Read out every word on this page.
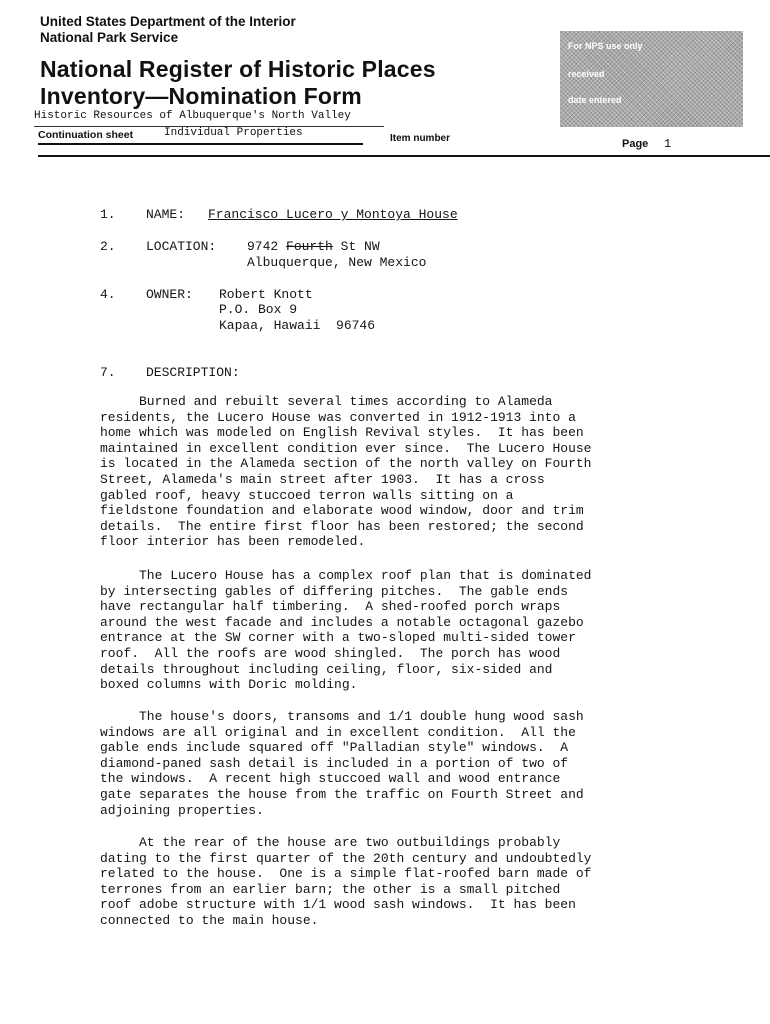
United States Department of the Interior
National Park Service
National Register of Historic Places
Inventory—Nomination Form
Historic Resources of Albuquerque's North Valley
Continuation sheet	Individual Properties	Item number	Page 1
For NPS use only
received
date entered
1. NAME: Francisco Lucero y Montoya House
2. LOCATION: 9742 Fourth St NW
Albuquerque, New Mexico
4. OWNER: Robert Knott
P.O. Box 9
Kapaa, Hawaii  96746
7. DESCRIPTION:
Burned and rebuilt several times according to Alameda
residents, the Lucero House was converted in 1912-1913 into a
home which was modeled on English Revival styles.  It has been
maintained in excellent condition ever since.  The Lucero House
is located in the Alameda section of the north valley on Fourth
Street, Alameda's main street after 1903.  It has a cross
gabled roof, heavy stuccoed terron walls sitting on a
fieldstone foundation and elaborate wood window, door and trim
details.  The entire first floor has been restored; the second
floor interior has been remodeled.
The Lucero House has a complex roof plan that is dominated
by intersecting gables of differing pitches.  The gable ends
have rectangular half timbering.  A shed-roofed porch wraps
around the west facade and includes a notable octagonal gazebo
entrance at the SW corner with a two-sloped multi-sided tower
roof.  All the roofs are wood shingled.  The porch has wood
details throughout including ceiling, floor, six-sided and
boxed columns with Doric molding.
The house's doors, transoms and 1/1 double hung wood sash
windows are all original and in excellent condition.  All the
gable ends include squared off "Palladian style" windows.  A
diamond-paned sash detail is included in a portion of two of
the windows.  A recent high stuccoed wall and wood entrance
gate separates the house from the traffic on Fourth Street and
adjoining properties.
At the rear of the house are two outbuildings probably
dating to the first quarter of the 20th century and undoubtedly
related to the house.  One is a simple flat-roofed barn made of
terrones from an earlier barn; the other is a small pitched
roof adobe structure with 1/1 wood sash windows.  It has been
connected to the main house.
